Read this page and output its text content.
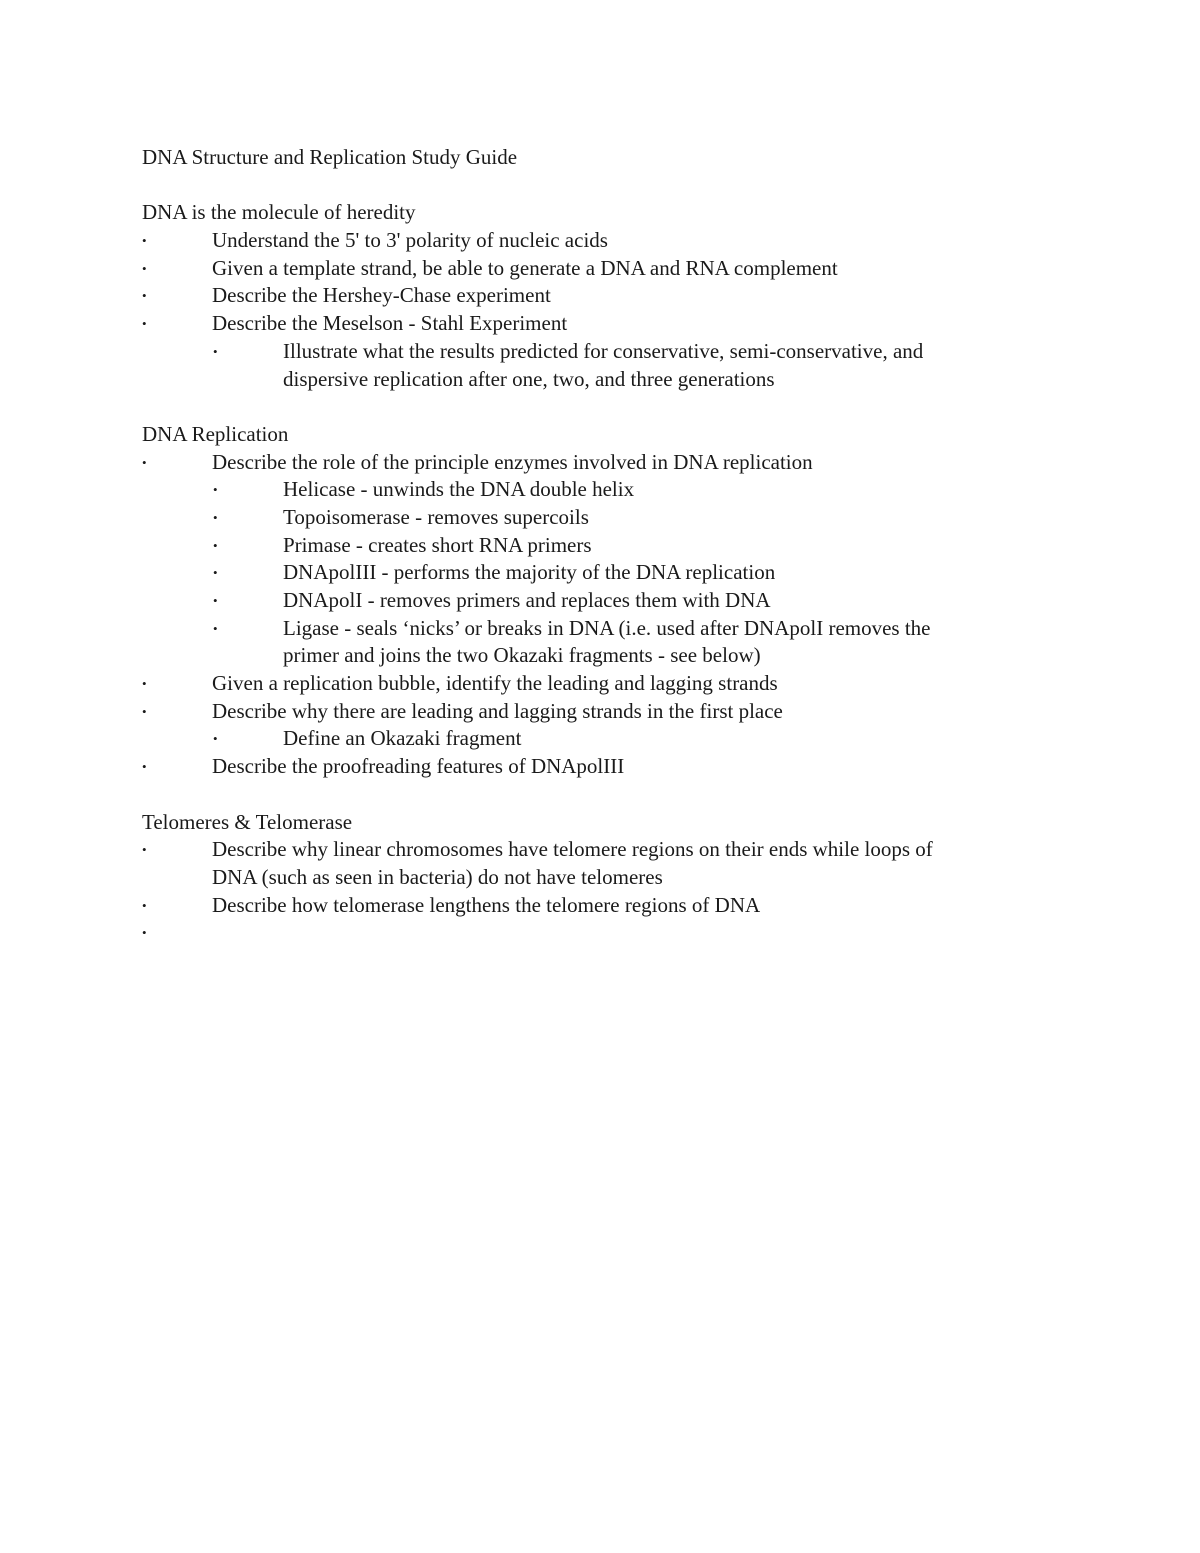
DNA Structure and Replication Study Guide
DNA is the molecule of heredity
•	Understand the 5' to 3' polarity of nucleic acids
•	Given a template strand, be able to generate a DNA and RNA complement
•	Describe the Hershey-Chase experiment
•	Describe the Meselson - Stahl Experiment
•	Illustrate what the results predicted for conservative, semi-conservative, and
dispersive replication after one, two, and three generations
DNA Replication
•	Describe the role of the principle enzymes involved in DNA replication
•	Helicase - unwinds the DNA double helix
•	Topoisomerase - removes supercoils
•	Primase - creates short RNA primers
•	DNApolIII - performs the majority of the DNA replication
•	DNApolI - removes primers and replaces them with DNA
•	Ligase - seals ‘nicks’ or breaks in DNA (i.e. used after DNApolI removes the
primer and joins the two Okazaki fragments - see below)
•	Given a replication bubble, identify the leading and lagging strands
•	Describe why there are leading and lagging strands in the first place
•	Define an Okazaki fragment
•	Describe the proofreading features of DNApolIII
Telomeres & Telomerase
•	Describe why linear chromosomes have telomere regions on their ends while loops of
DNA (such as seen in bacteria) do not have telomeres
•	Describe how telomerase lengthens the telomere regions of DNA
•
